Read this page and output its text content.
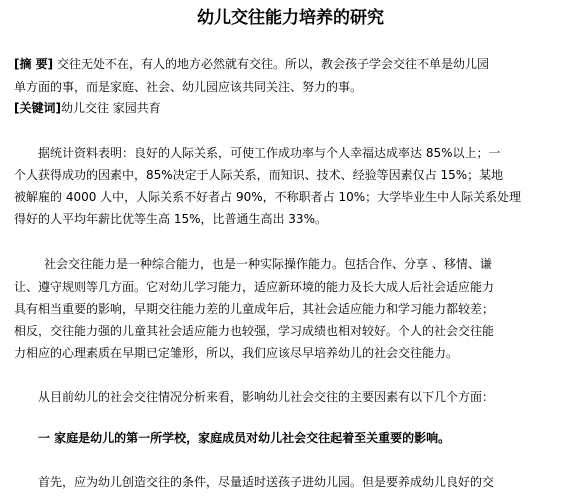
幼儿交往能力培养的研究
[摘 要] 交往无处不在，有人的地方必然就有交往。所以，教会孩子学会交往不单是幼儿园
单方面的事，而是家庭、社会、幼儿园应该共同关注、努力的事。
[关键词]幼儿交往 家园共育
据统计资料表明：良好的人际关系，可使工作成功率与个人幸福达成率达 85%以上；一
个人获得成功的因素中，85%决定于人际关系，而知识、技术、经验等因素仅占 15%；某地
被解雇的 4000 人中，人际关系不好者占 90%，不称职者占 10%；大学毕业生中人际关系处理
得好的人平均年薪比优等生高 15%，比普通生高出 33%。
社会交往能力是一种综合能力，也是一种实际操作能力。包括合作、分享 、移情、谦
让、遵守规则等几方面。它对幼儿学习能力，适应新环境的能力及长大成人后社会适应能力
具有相当重要的影响，早期交往能力差的儿童成年后，其社会适应能力和学习能力都较差；
相反，交往能力强的儿童其社会适应能力也较强，学习成绩也相对较好。个人的社会交往能
力相应的心理素质在早期已定雏形，所以，我们应该尽早培养幼儿的社会交往能力。
从目前幼儿的社会交往情况分析来看，影响幼儿社会交往的主要因素有以下几个方面：
一 家庭是幼儿的第一所学校，家庭成员对幼儿社会交往起着至关重要的影响。
首先，应为幼儿创造交往的条件，尽量适时送孩子进幼儿园。但是要养成幼儿良好的交
